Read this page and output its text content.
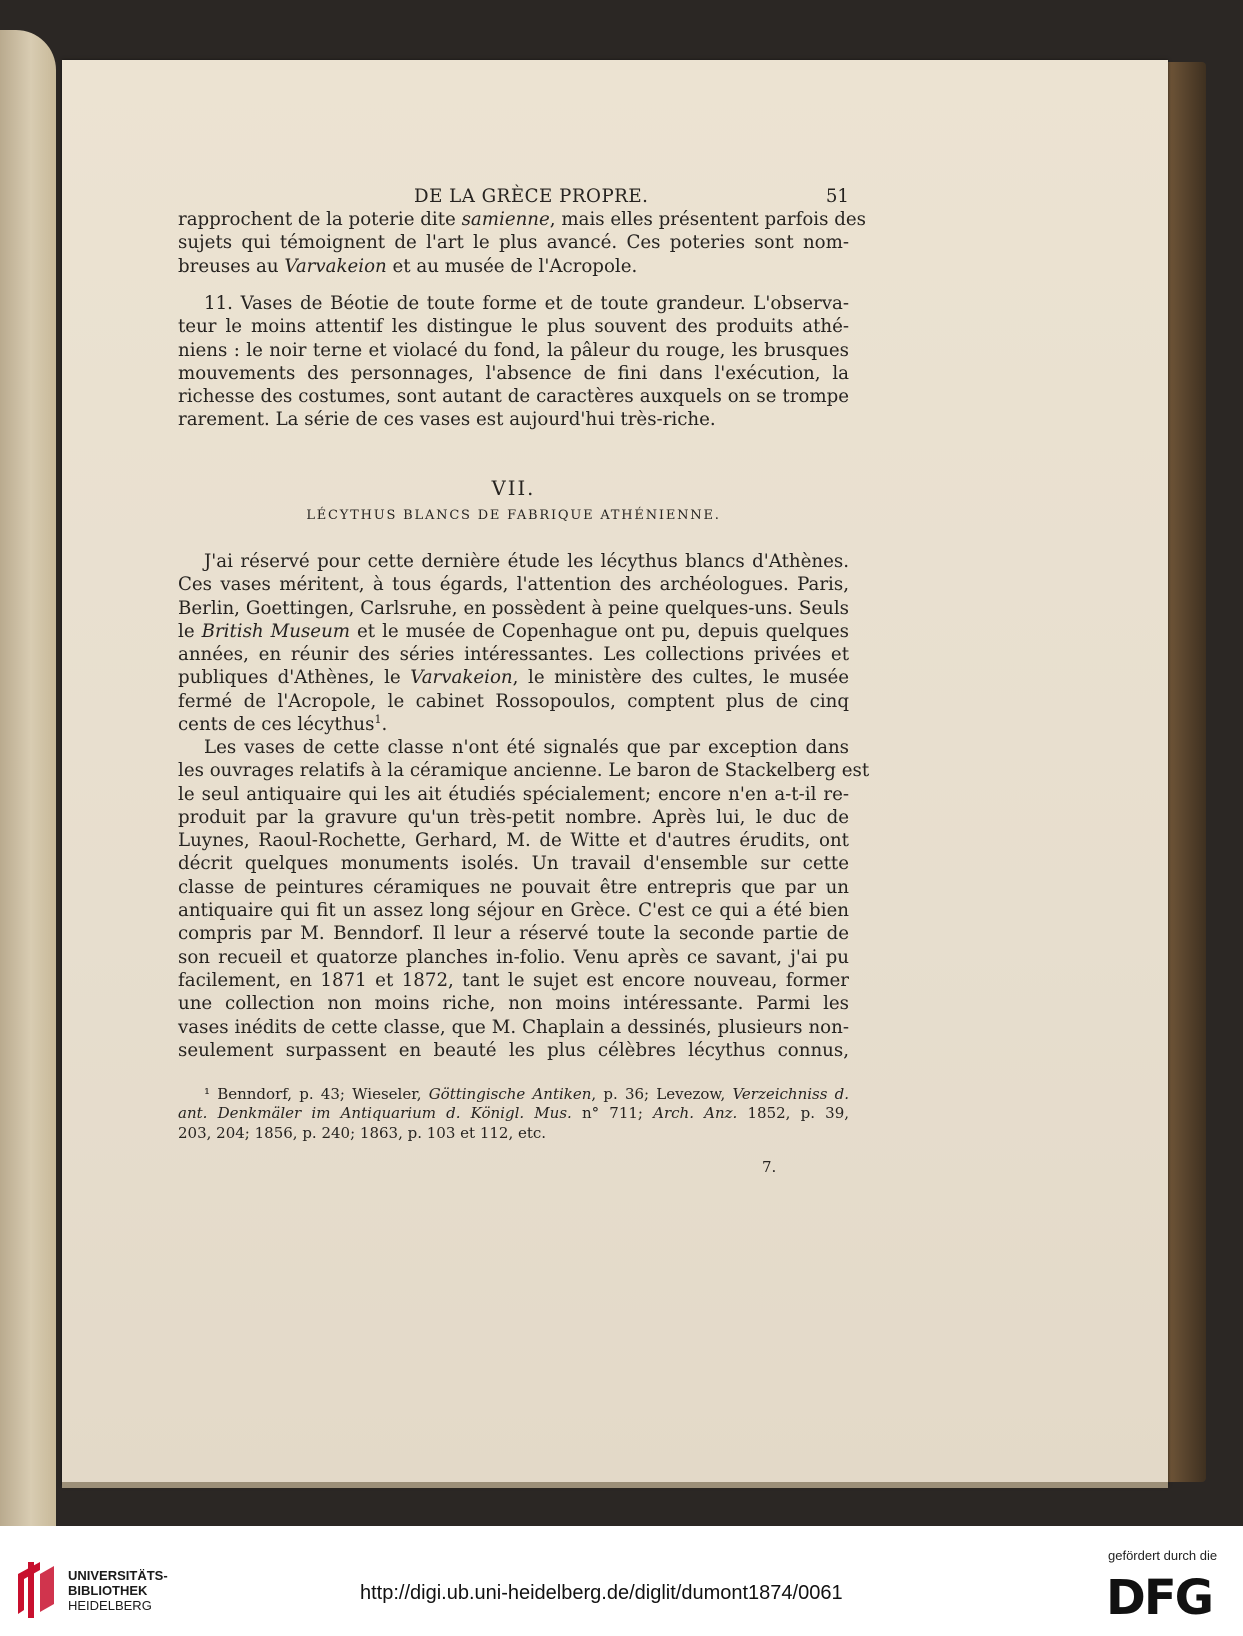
DE LA GRÈCE PROPRE.	51
rapprochent de la poterie dite samienne, mais elles présentent parfois des
sujets qui témoignent de l'art le plus avancé. Ces poteries sont nom-
breuses au Varvakeion et au musée de l'Acropole.
11. Vases de Béotie de toute forme et de toute grandeur. L'observa-
teur le moins attentif les distingue le plus souvent des produits athé-
niens : le noir terne et violacé du fond, la pâleur du rouge, les brusques
mouvements des personnages, l'absence de fini dans l'exécution, la
richesse des costumes, sont autant de caractères auxquels on se trompe
rarement. La série de ces vases est aujourd'hui très-riche.
VII.
LÉCYTHUS BLANCS DE FABRIQUE ATHÉNIENNE.
J'ai réservé pour cette dernière étude les lécythus blancs d'Athènes.
Ces vases méritent, à tous égards, l'attention des archéologues. Paris,
Berlin, Goettingen, Carlsruhe, en possèdent à peine quelques-uns. Seuls
le British Museum et le musée de Copenhague ont pu, depuis quelques
années, en réunir des séries intéressantes. Les collections privées et
publiques d'Athènes, le Varvakeion, le ministère des cultes, le musée
fermé de l'Acropole, le cabinet Rossopoulos, comptent plus de cinq
cents de ces lécythus$^1$.
Les vases de cette classe n'ont été signalés que par exception dans
les ouvrages relatifs à la céramique ancienne. Le baron de Stackelberg est
le seul antiquaire qui les ait étudiés spécialement; encore n'en a-t-il re-
produit par la gravure qu'un très-petit nombre. Après lui, le duc de
Luynes, Raoul-Rochette, Gerhard, M. de Witte et d'autres érudits, ont
décrit quelques monuments isolés. Un travail d'ensemble sur cette
classe de peintures céramiques ne pouvait être entrepris que par un
antiquaire qui fit un assez long séjour en Grèce. C'est ce qui a été bien
compris par M. Benndorf. Il leur a réservé toute la seconde partie de
son recueil et quatorze planches in-folio. Venu après ce savant, j'ai pu
facilement, en 1871 et 1872, tant le sujet est encore nouveau, former
une collection non moins riche, non moins intéressante. Parmi les
vases inédits de cette classe, que M. Chaplain a dessinés, plusieurs non-
seulement surpassent en beauté les plus célèbres lécythus connus,
¹ Benndorf, p. 43; Wieseler, Göttingische Antiken, p. 36; Levezow, Verzeichniss d.
ant. Denkmäler im Antiquarium d. Königl. Mus. n° 711; Arch. Anz. 1852, p. 39,
203, 204; 1856, p. 240; 1863, p. 103 et 112, etc.
7.
UNIVERSITÄTS-
BIBLIOTHEK
HEIDELBERG
http://digi.ub.uni-heidelberg.de/diglit/dumont1874/0061
gefördert durch die
DFG
